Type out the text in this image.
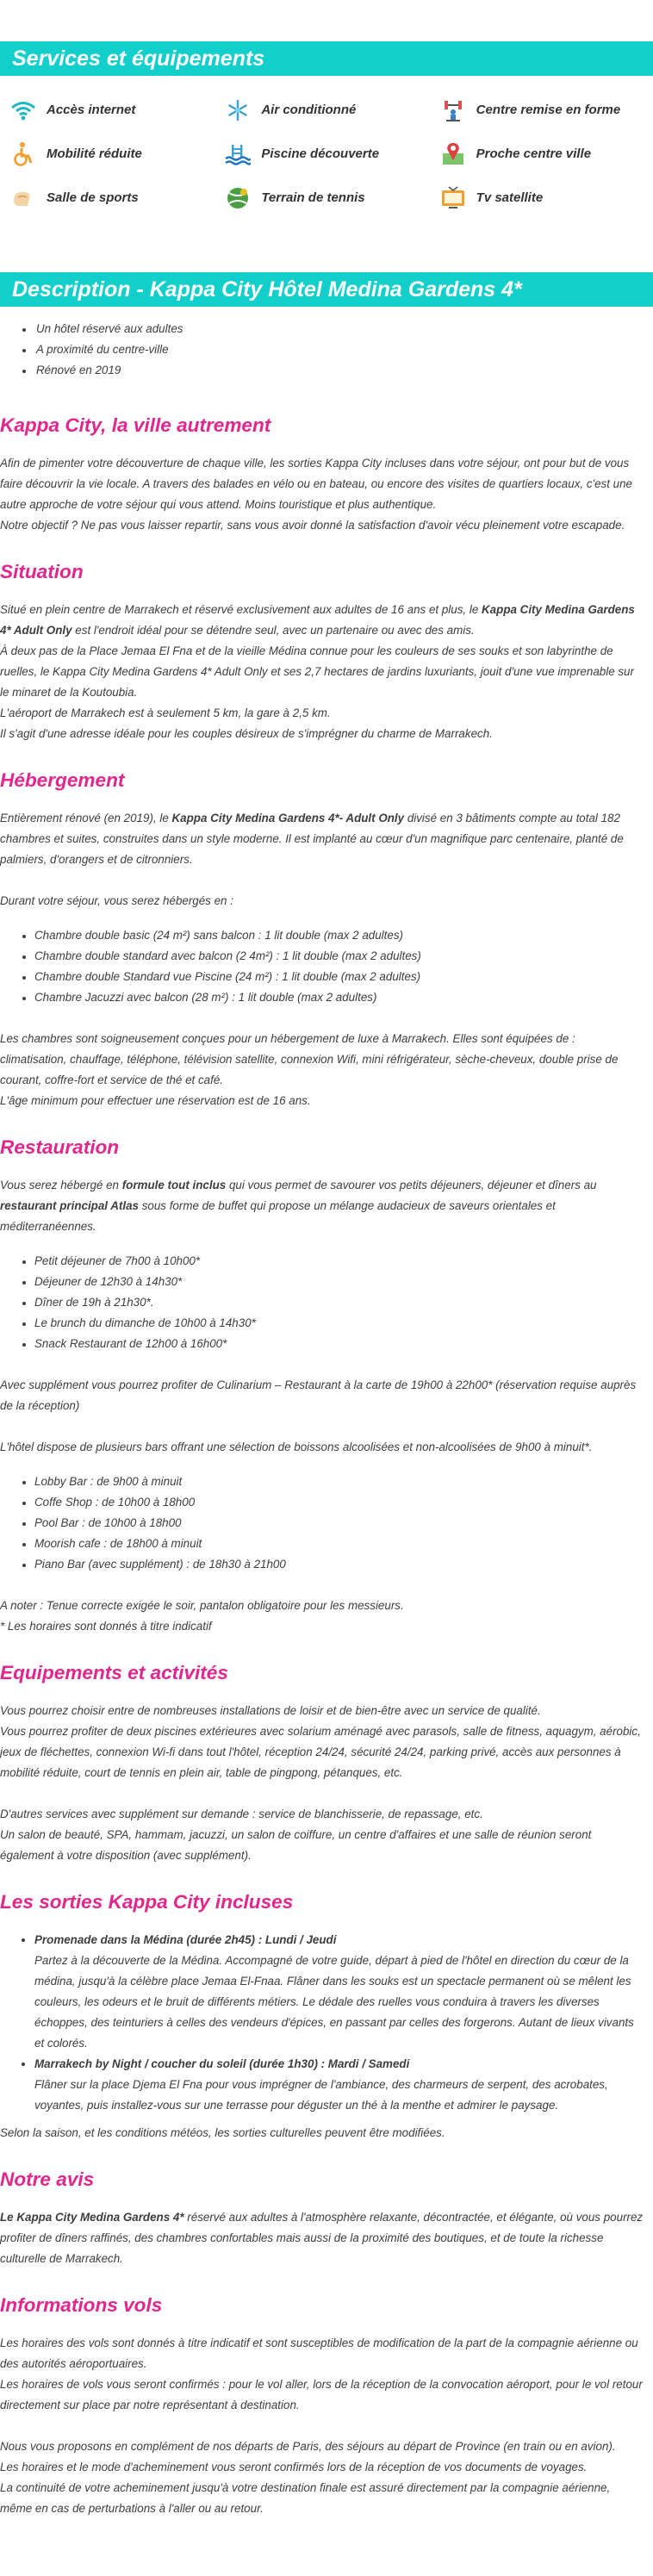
Services et équipements
Accès internet	Air conditionné	Centre remise en forme
Mobilité réduite	Piscine découverte	Proche centre ville
Salle de sports	Terrain de tennis	Tv satellite
Description - Kappa City Hôtel Medina Gardens 4*
• Un hôtel réservé aux adultes
• A proximité du centre-ville
• Rénové en 2019
Kappa City, la ville autrement

Afin de pimenter votre découverture de chaque ville, les sorties Kappa City incluses dans votre séjour, ont pour but de vous faire découvrir la vie locale. A travers des balades en vélo ou en bateau, ou encore des visites de quartiers locaux, c'est une autre approche de votre séjour qui vous attend. Moins touristique et plus authentique.

Notre objectif ? Ne pas vous laisser repartir, sans vous avoir donné la satisfaction d'avoir vécu pleinement votre escapade.

Situation

Situé en plein centre de Marrakech et réservé exclusivement aux adultes de 16 ans et plus, le Kappa City Medina Gardens 4* Adult Only est l'endroit idéal pour se détendre seul, avec un partenaire ou avec des amis.

À deux pas de la Place Jemaa El Fna et de la vieille Médina connue pour les couleurs de ses souks et son labyrinthe de ruelles, le Kappa City Medina Gardens 4* Adult Only et ses 2,7 hectares de jardins luxuriants, jouit d'une vue imprenable sur le minaret de la Koutoubia.

L'aéroport de Marrakech est à seulement 5 km, la gare à 2,5 km.

Il s'agit d'une adresse idéale pour les couples désireux de s'imprégner du charme de Marrakech.

Hébergement

Entièrement rénové (en 2019), le Kappa City Medina Gardens 4*- Adult Only divisé en 3 bâtiments compte au total 182 chambres et suites, construites dans un style moderne. Il est implanté au cœur d'un magnifique parc centenaire, planté de palmiers, d'orangers et de citronniers.

Durant votre séjour, vous serez hébergés en :

• Chambre double basic (24 m²) sans balcon : 1 lit double (max 2 adultes)
• Chambre double standard avec balcon (2 4m²) : 1 lit double (max 2 adultes)
• Chambre double Standard vue Piscine (24 m²) : 1 lit double (max 2 adultes)
• Chambre Jacuzzi avec balcon (28 m²) : 1 lit double (max 2 adultes)

Les chambres sont soigneusement conçues pour un hébergement de luxe à Marrakech. Elles sont équipées de : climatisation, chauffage, téléphone, télévision satellite, connexion Wifi, mini réfrigérateur, sèche-cheveux, double prise de courant, coffre-fort et service de thé et café.

L'âge minimum pour effectuer une réservation est de 16 ans.

Restauration

Vous serez hébergé en formule tout inclus qui vous permet de savourer vos petits déjeuners, déjeuner et dîners au restaurant principal Atlas sous forme de buffet qui propose un mélange audacieux de saveurs orientales et méditerranéennes.

• Petit déjeuner de 7h00 à 10h00*
• Déjeuner de 12h30 à 14h30*
• Dîner de 19h à 21h30*.
• Le brunch du dimanche de 10h00 à 14h30*
• Snack Restaurant de 12h00 à 16h00*

Avec supplément vous pourrez profiter de Culinarium – Restaurant à la carte de 19h00 à 22h00* (réservation requise auprès de la réception)

L'hôtel dispose de plusieurs bars offrant une sélection de boissons alcoolisées et non-alcoolisées de 9h00 à minuit*.

• Lobby Bar : de 9h00 à minuit
• Coffe Shop : de 10h00 à 18h00
• Pool Bar : de 10h00 à 18h00
• Moorish cafe : de 18h00 à minuit
• Piano Bar (avec supplément) : de 18h30 à 21h00

A noter : Tenue correcte exigée le soir, pantalon obligatoire pour les messieurs.

* Les horaires sont donnés à titre indicatif

Equipements et activités

Vous pourrez choisir entre de nombreuses installations de loisir et de bien-être avec un service de qualité.

Vous pourrez profiter de deux piscines extérieures avec solarium aménagé avec parasols, salle de fitness, aquagym, aérobic, jeux de fléchettes, connexion Wi-fi dans tout l'hôtel, réception 24/24, sécurité 24/24, parking privé, accès aux personnes à mobilité réduite, court de tennis en plein air, table de pingpong, pétanques, etc.

D'autres services avec supplément sur demande : service de blanchisserie, de repassage, etc.

Un salon de beauté, SPA, hammam, jacuzzi, un salon de coiffure, un centre d'affaires et une salle de réunion seront également à votre disposition (avec supplément).

Les sorties Kappa City incluses
• Promenade dans la Médina (durée 2h45) : Lundi / Jeudi
Partez à la découverte de la Médina. Accompagné de votre guide, départ à pied de l'hôtel en direction du cœur de la médina, jusqu'à la célèbre place Jemaa El-Fnaa. Flâner dans les souks est un spectacle permanent où se mêlent les couleurs, les odeurs et le bruit de différents métiers. Le dédale des ruelles vous conduira à travers les diverses échoppes, des teinturiers à celles des vendeurs d'épices, en passant par celles des forgerons. Autant de lieux vivants et colorés.
• Marrakech by Night / coucher du soleil (durée 1h30) : Mardi / Samedi
Flâner sur la place Djema El Fna pour vous imprégner de l'ambiance, des charmeurs de serpent, des acrobates, voyantes, puis installez-vous sur une terrasse pour déguster un thé à la menthe et admirer le paysage.

Selon la saison, et les conditions météos, les sorties culturelles peuvent être modifiées.

Notre avis

Le Kappa City Medina Gardens 4* réservé aux adultes à l'atmosphère relaxante, décontractée, et élégante, où vous pourrez profiter de dîners raffinés, des chambres confortables mais aussi de la proximité des boutiques, et de toute la richesse culturelle de Marrakech.

Informations vols

Les horaires des vols sont donnés à titre indicatif et sont susceptibles de modification de la part de la compagnie aérienne ou des autorités aéroportuaires.

Les horaires de vols vous seront confirmés : pour le vol aller, lors de la réception de la convocation aéroport, pour le vol retour directement sur place par notre représentant à destination.

Nous vous proposons en complément de nos départs de Paris, des séjours au départ de Province (en train ou en avion).

Les horaires et le mode d'acheminement vous seront confirmés lors de la réception de vos documents de voyages.

La continuité de votre acheminement jusqu'à votre destination finale est assuré directement par la compagnie aérienne, même en cas de perturbations à l'aller ou au retour.
